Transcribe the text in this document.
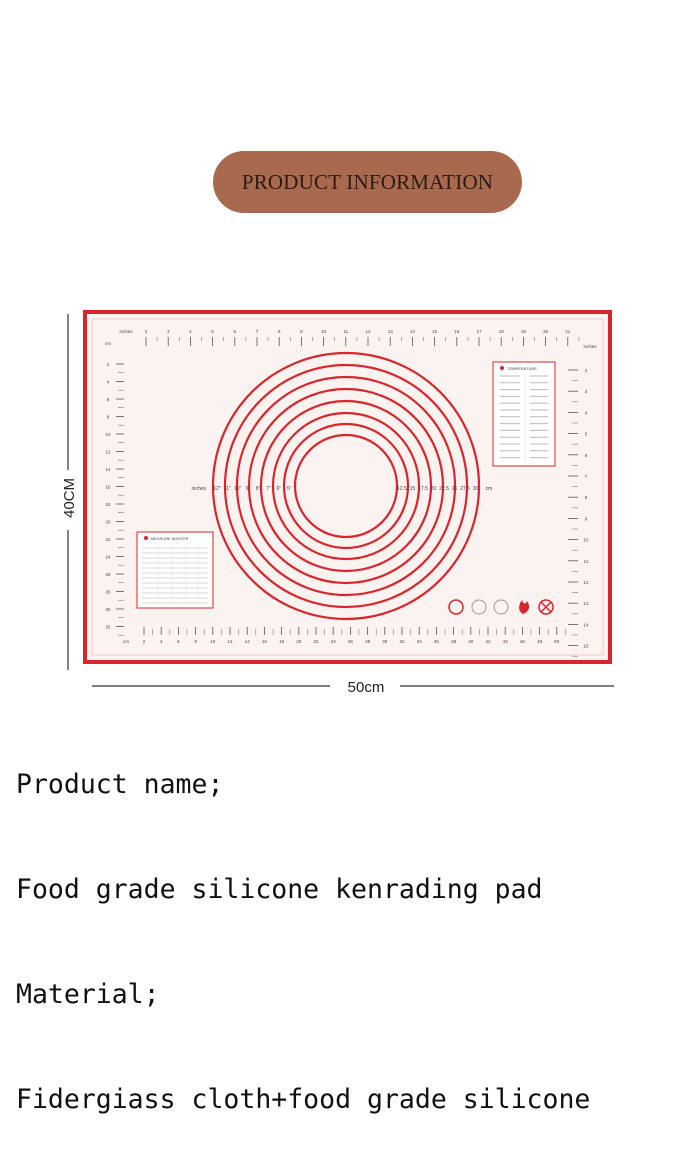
PRODUCT INFORMATION
40CM
50cm
inches	2	3	4	5	6	7	8	9	10	11	12	13	14	15	16	17	18	19	20	21
inches
cm	2	4	6	8	10	12	14	16	18	20	22	24	26	28	30	32	34	36	38	40	42	44	46	48	50
cm
2
4
6
8
10
12
14
16
18
20
22
24
26
28
30
32
2
3
4
5
6
7
8
9
10
11
12
13
14
15
inches 12" 11" 10" 9" 8" 7" 6" 5"	12.5 15 17.5 20 22.5 25 27.5 30 cm
TEMPERATURE
MEASURE MASTER

Product name;

Food grade silicone kenrading pad

Material;

Fidergiass cloth+food grade silicone
